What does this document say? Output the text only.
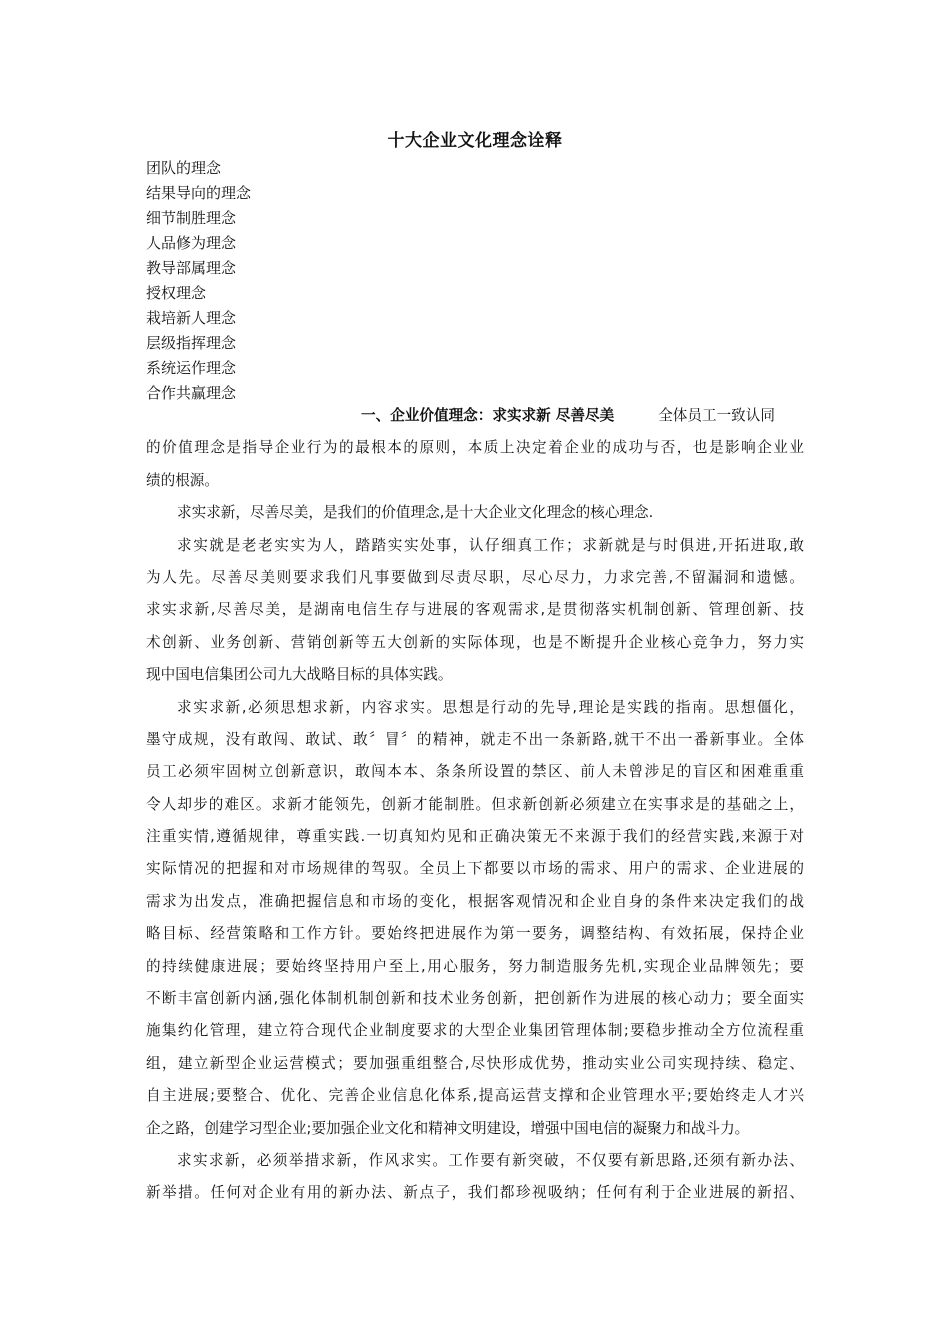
十大企业文化理念诠释
团队的理念
结果导向的理念
细节制胜理念
人品修为理念
教导部属理念
授权理念
栽培新人理念
层级指挥理念
系统运作理念
合作共赢理念
一、企业价值理念：求实求新 尽善尽美	全体员工一致认同
的价值理念是指导企业行为的最根本的原则，本质上决定着企业的成功与否，也是影响企业业
绩的根源。
求实求新，尽善尽美，是我们的价值理念,是十大企业文化理念的核心理念.
求实就是老老实实为人，踏踏实实处事，认仔细真工作；求新就是与时俱进,开拓进取,敢
为人先。尽善尽美则要求我们凡事要做到尽责尽职，尽心尽力，力求完善,不留漏洞和遗憾。
求实求新,尽善尽美，是湖南电信生存与进展的客观需求,是贯彻落实机制创新、管理创新、技
术创新、业务创新、营销创新等五大创新的实际体现，也是不断提升企业核心竞争力，努力实
现中国电信集团公司九大战略目标的具体实践。
求实求新,必须思想求新，内容求实。思想是行动的先导,理论是实践的指南。思想僵化，
墨守成规，没有敢闯、敢试、敢〞冒〞的精神，就走不出一条新路,就干不出一番新事业。全体
员工必须牢固树立创新意识，敢闯本本、条条所设置的禁区、前人未曾涉足的盲区和困难重重
令人却步的难区。求新才能领先，创新才能制胜。但求新创新必须建立在实事求是的基础之上，
注重实情,遵循规律，尊重实践.一切真知灼见和正确决策无不来源于我们的经营实践,来源于对
实际情况的把握和对市场规律的驾驭。全员上下都要以市场的需求、用户的需求、企业进展的
需求为出发点，准确把握信息和市场的变化，根据客观情况和企业自身的条件来决定我们的战
略目标、经营策略和工作方针。要始终把进展作为第一要务，调整结构、有效拓展，保持企业
的持续健康进展；要始终坚持用户至上,用心服务，努力制造服务先机,实现企业品牌领先；要
不断丰富创新内涵,强化体制机制创新和技术业务创新，把创新作为进展的核心动力；要全面实
施集约化管理，建立符合现代企业制度要求的大型企业集团管理体制;要稳步推动全方位流程重
组，建立新型企业运营模式；要加强重组整合,尽快形成优势，推动实业公司实现持续、稳定、
自主进展;要整合、优化、完善企业信息化体系,提高运营支撑和企业管理水平;要始终走人才兴
企之路，创建学习型企业;要加强企业文化和精神文明建设，增强中国电信的凝聚力和战斗力。
求实求新，必须举措求新，作风求实。工作要有新突破，不仅要有新思路,还须有新办法、
新举措。任何对企业有用的新办法、新点子，我们都珍视吸纳；任何有利于企业进展的新招、
